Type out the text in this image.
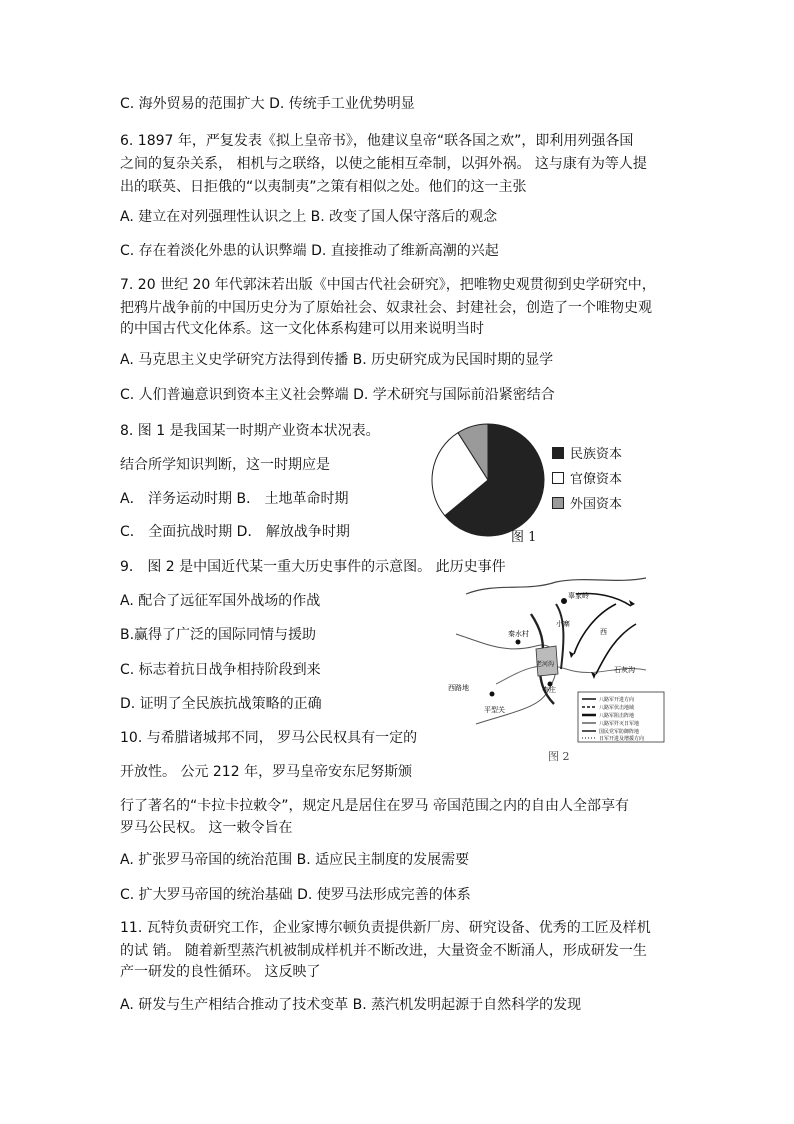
C. 海外贸易的范围扩大 D. 传统手工业优势明显
6. 1897 年，严复发表《拟上皇帝书》，他建议皇帝“联各国之欢”，即利用列强各国
之间的复杂关系， 相机与之联络，以使之能相互牵制，以弭外祸。 这与康有为等人提
出的联英、日拒俄的“以夷制夷”之策有相似之处。他们的这一主张
A. 建立在对列强理性认识之上 B. 改变了国人保守落后的观念
C. 存在着淡化外患的认识弊端 D. 直接推动了维新高潮的兴起
7. 20 世纪 20 年代郭沫若出版《中国古代社会研究》，把唯物史观贯彻到史学研究中，
把鸦片战争前的中国历史分为了原始社会、奴隶社会、封建社会，创造了一个唯物史观
的中国古代文化体系。这一文化体系构建可以用来说明当时
A. 马克思主义史学研究方法得到传播 B. 历史研究成为民国时期的显学
C. 人们普遍意识到资本主义社会弊端 D. 学术研究与国际前沿紧密结合
8. 图 1 是我国某一时期产业资本状况表。
结合所学知识判断，这一时期应是
A． 洋务运动时期 B． 土地革命时期
C． 全面抗战时期 D． 解放战争时期
9． 图 2 是中国近代某一重大历史事件的示意图。 此历史事件
A. 配合了远征军国外战场的作战
B.赢得了广泛的国际同情与援助
C. 标志着抗日战争相持阶段到来
D. 证明了全民族抗战策略的正确
10. 与希腊诸城邦不同， 罗马公民权具有一定的
开放性。 公元 212 年，罗马皇帝安东尼努斯颁
行了著名的“卡拉卡拉敕令”，规定凡是居住在罗马 帝国范围之内的自由人全部享有
罗马公民权。 这一敕令旨在
A. 扩张罗马帝国的统治范围 B. 适应民主制度的发展需要
C. 扩大罗马帝国的统治基础 D. 使罗马法形成完善的体系
11. 瓦特负责研究工作，企业家博尔顿负责提供新厂房、研究设备、优秀的工匠及样机
的试 销。 随着新型蒸汽机被制成样机并不断改进，大量资金不断涌人，形成研发一生
产一研发的良性循环。 这反映了
A. 研发与生产相结合推动了技术变革 B. 蒸汽机发明起源于自然科学的发现
民族资本
官僚资本
外国资本
图 1
辜家岭
秦水村
小寨
西
石灰沟
老河沟
李庄
西路地
平型关
八路军开进方向
八路军伏击地域
八路军阻击阵地
八路军歼灭日军地
国民党军防御阵地
日军开进及增援方向
图 2
